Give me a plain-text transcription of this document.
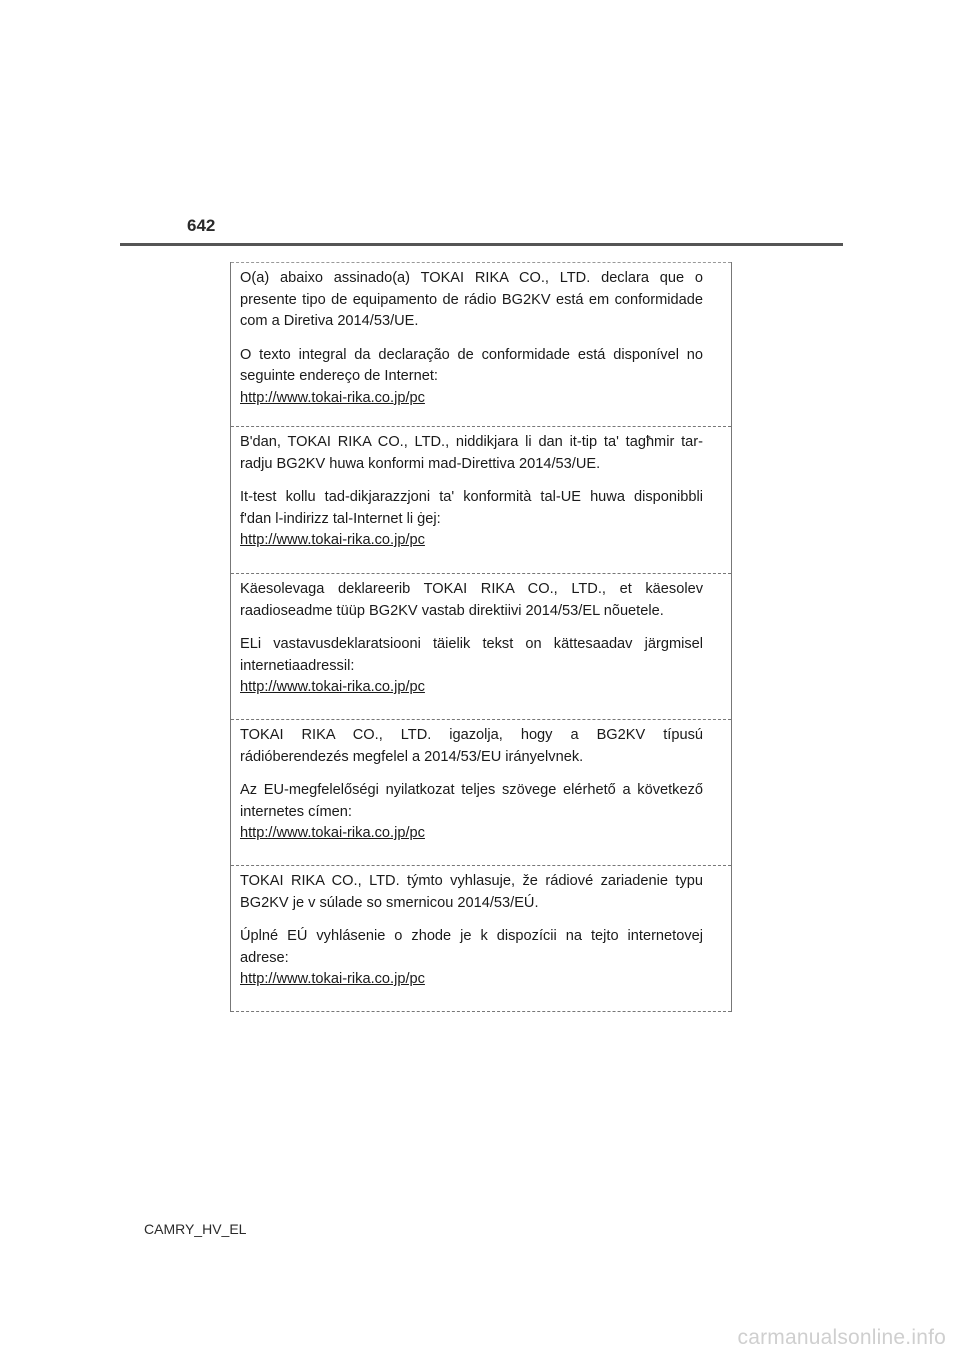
642

O(a) abaixo assinado(a) TOKAI RIKA CO., LTD. declara que o presente tipo de equipamento de rádio BG2KV está em conformidade com a Diretiva 2014/53/UE.

O texto integral da declaração de conformidade está disponível no seguinte endereço de Internet:

http://www.tokai-rika.co.jp/pc

B'dan, TOKAI RIKA CO., LTD., niddikjara li dan it-tip ta' tagħmir tar-radju BG2KV huwa konformi mad-Direttiva 2014/53/UE.

It-test kollu tad-dikjarazzjoni ta' konformità tal-UE huwa disponibbli f'dan l-indirizz tal-Internet li ġej:

http://www.tokai-rika.co.jp/pc

Käesolevaga deklareerib TOKAI RIKA CO., LTD., et käesolev raadioseadme tüüp BG2KV vastab direktiivi 2014/53/EL nõuetele.

ELi vastavusdeklaratsiooni täielik tekst on kättesaadav järgmisel internetiaadressil:

http://www.tokai-rika.co.jp/pc

TOKAI RIKA CO., LTD. igazolja, hogy a BG2KV típusú rádióberendezés megfelel a 2014/53/EU irányelvnek.

Az EU-megfelelőségi nyilatkozat teljes szövege elérhető a következő internetes címen:

http://www.tokai-rika.co.jp/pc

TOKAI RIKA CO., LTD. týmto vyhlasuje, že rádiové zariadenie typu BG2KV je v súlade so smernicou 2014/53/EÚ.

Úplné EÚ vyhlásenie o zhode je k dispozícii na tejto internetovej adrese:

http://www.tokai-rika.co.jp/pc
CAMRY_HV_EL
carmanualsonline.info
